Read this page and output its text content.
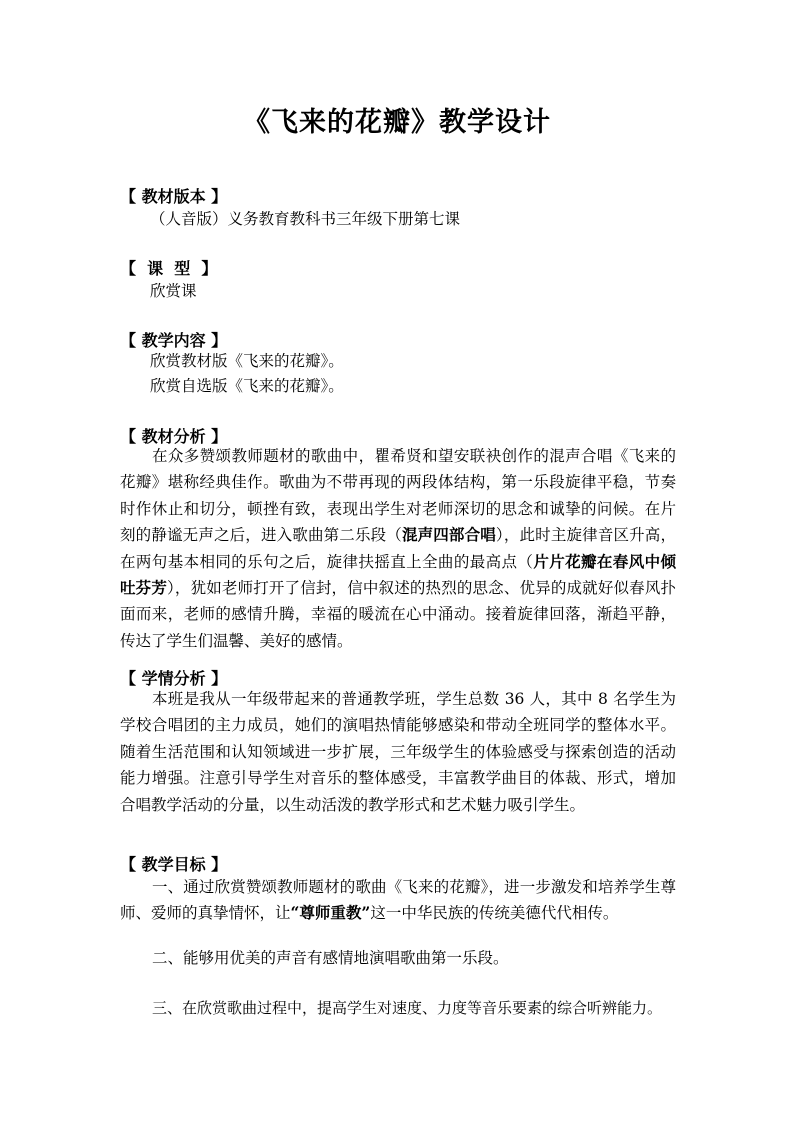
《飞来的花瓣》教学设计
【 教材版本 】
（人音版）义务教育教科书三年级下册第七课
【  课  型  】
欣赏课
【 教学内容 】
欣赏教材版《飞来的花瓣》。
欣赏自选版《飞来的花瓣》。
【 教材分析 】
在众多赞颂教师题材的歌曲中，瞿希贤和望安联袂创作的混声合唱《飞来的花瓣》堪称经典佳作。歌曲为不带再现的两段体结构，第一乐段旋律平稳，节奏时作休止和切分，顿挫有致，表现出学生对老师深切的思念和诚挚的问候。在片刻的静谧无声之后，进入歌曲第二乐段（混声四部合唱），此时主旋律音区升高，在两句基本相同的乐句之后，旋律扶摇直上全曲的最高点（片片花瓣在春风中倾吐芬芳），犹如老师打开了信封，信中叙述的热烈的思念、优异的成就好似春风扑面而来，老师的感情升腾，幸福的暖流在心中涌动。接着旋律回落，渐趋平静，传达了学生们温馨、美好的感情。
【 学情分析 】
本班是我从一年级带起来的普通教学班，学生总数 36 人，其中 8 名学生为学校合唱团的主力成员，她们的演唱热情能够感染和带动全班同学的整体水平。随着生活范围和认知领域进一步扩展，三年级学生的体验感受与探索创造的活动能力增强。注意引导学生对音乐的整体感受，丰富教学曲目的体裁、形式，增加合唱教学活动的分量，以生动活泼的教学形式和艺术魅力吸引学生。
【 教学目标 】
一、通过欣赏赞颂教师题材的歌曲《飞来的花瓣》，进一步激发和培养学生尊师、爱师的真挚情怀，让“尊师重教”这一中华民族的传统美德代代相传。
二、能够用优美的声音有感情地演唱歌曲第一乐段。
三、在欣赏歌曲过程中，提高学生对速度、力度等音乐要素的综合听辨能力。
